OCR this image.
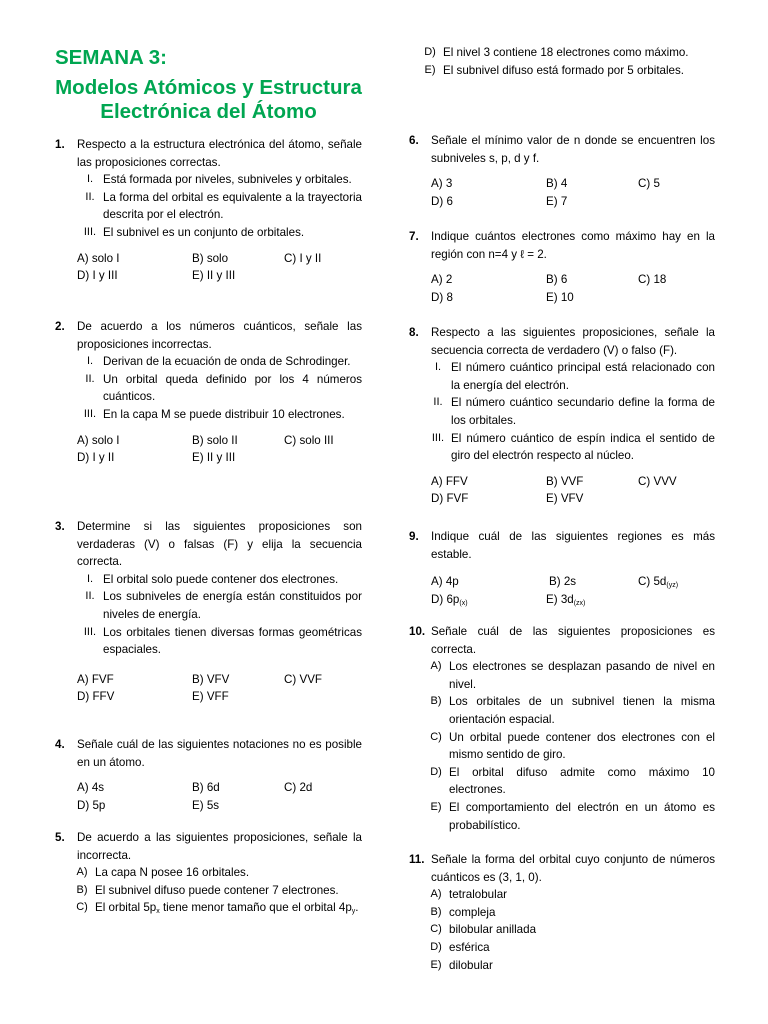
SEMANA 3:
Modelos Atómicos y Estructura
Electrónica del Átomo
1.	Respecto a la estructura electrónica del átomo, señale las proposiciones correctas.
I. Está formada por niveles, subniveles y orbitales.
II. La forma del orbital es equivalente a la trayectoria descrita por el electrón.
III. El subnivel es un conjunto de orbitales.
A) solo I	B) solo	C) I y II
D) I y III	E) II y III
2.	De acuerdo a los números cuánticos, señale las proposiciones incorrectas.
I. Derivan de la ecuación de onda de Schrodinger.
II. Un orbital queda definido por los 4 números cuánticos.
III. En la capa M se puede distribuir 10 electrones.
A) solo I	B) solo II	C) solo III
D) I y II	E) II y III
3.	Determine si las siguientes proposiciones son verdaderas (V) o falsas (F) y elija la secuencia correcta.
I. El orbital solo puede contener dos electrones.
II. Los subniveles de energía están constituidos por niveles de energía.
III. Los orbitales tienen diversas formas geométricas espaciales.
A) FVF	B) VFV	C) VVF
D) FFV	E) VFF
4.	Señale cuál de las siguientes notaciones no es posible en un átomo.
A) 4s	B) 6d	C) 2d
D) 5p	E) 5s
5.	De acuerdo a las siguientes proposiciones, señale la incorrecta.
A) La capa N posee 16 orbitales.
B) El subnivel difuso puede contener 7 electrones.
C) El orbital $5p_x$ tiene menor tamaño que el orbital $4p_y$.
D) El nivel 3 contiene 18 electrones como máximo.
E) El subnivel difuso está formado por 5 orbitales.
6.	Señale el mínimo valor de n donde se encuentren los subniveles s, p, d y f.
A) 3	B) 4	C) 5
D) 6	E) 7
7.	Indique cuántos electrones como máximo hay en la región con n=4 y ℓ = 2.
A) 2	B) 6	C) 18
D) 8	E) 10
8.	Respecto a las siguientes proposiciones, señale la secuencia correcta de verdadero (V) o falso (F).
I. El número cuántico principal está relacionado con la energía del electrón.
II. El número cuántico secundario define la forma de los orbitales.
III. El número cuántico de espín indica el sentido de giro del electrón respecto al núcleo.
A) FFV	B) VVF	C) VVV
D) FVF	E) VFV
9.	Indique cuál de las siguientes regiones es más estable.
A) 4p	B) 2s	C) $5d_{(yz)}$
D) $6p_{(x)}$	E) $3d_{(zx)}$
10. Señale cuál de las siguientes proposiciones es correcta.
A) Los electrones se desplazan pasando de nivel en nivel.
B) Los orbitales de un subnivel tienen la misma orientación espacial.
C) Un orbital puede contener dos electrones con el mismo sentido de giro.
D) El orbital difuso admite como máximo 10 electrones.
E) El comportamiento del electrón en un átomo es probabilístico.
11. Señale la forma del orbital cuyo conjunto de números cuánticos es (3, 1, 0).
A) tetralobular
B) compleja
C) bilobular anillada
D) esférica
E) dilobular
